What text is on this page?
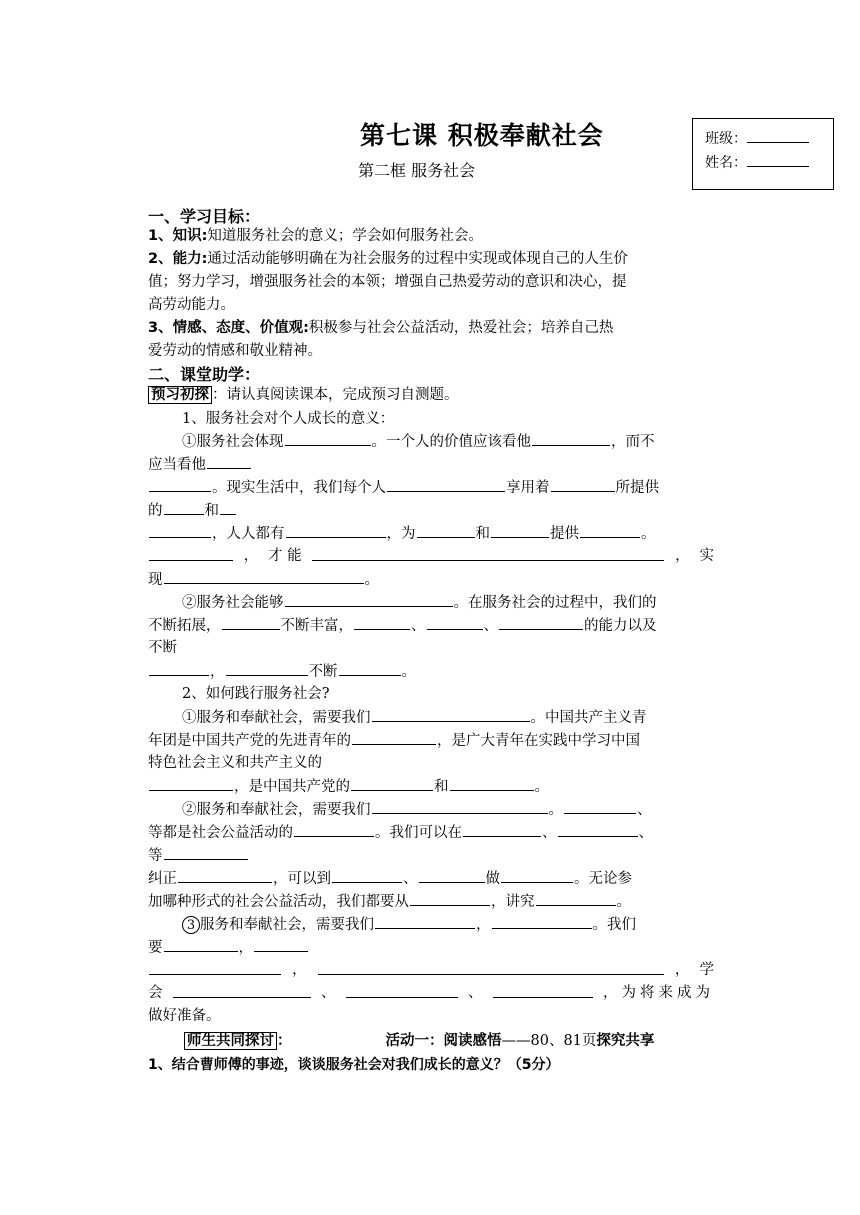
第七课 积极奉献社会
第二框 服务社会
班级：
姓名：
一、学习目标：
1、知识:知道服务社会的意义；学会如何服务社会。
2、能力:通过活动能够明确在为社会服务的过程中实现或体现自己的人生价
值；努力学习，增强服务社会的本领；增强自己热爱劳动的意识和决心，提
高劳动能力。
3、情感、态度、价值观:积极参与社会公益活动，热爱社会；培养自己热
爱劳动的情感和敬业精神。
二、课堂助学：
预习初探 ：请认真阅读课本，完成预习自测题。
1、服务社会对个人成长的意义：
①服务社会体现	。一个人的价值应该看他	，而不
应当看他
。现实生活中，我们每个人	享用着	所提供
的	和
，人人都有	，为	和	提供	。
， 才 能	， 实
现	。
②服务社会能够	。在服务社会的过程中，我们的
不断拓展，	不断丰富，	、	、	的能力以及
不断
，	不断	。
2、如何践行服务社会?
①服务和奉献社会，需要我们	。中国共产主义青
年团是中国共产党的先进青年的	，是广大青年在实践中学习中国
特色社会主义和共产主义的
，是中国共产党的	和	。
②服务和奉献社会，需要我们	。	、
等都是社会公益活动的	。我们可以在	、	、
等
纠正	，可以到	、	做	。无论参
加哪种形式的社会公益活动，我们都要从	，讲究	。
3 服务和奉献社会，需要我们	，	。我们
要	，
，	， 学
会	、	、	，为将来成为
做好准备。
师生共同探讨 ：	活动一：阅读感悟——80、81页探究共享
1、结合曹师傅的事迹，谈谈服务社会对我们成长的意义？（5分）
